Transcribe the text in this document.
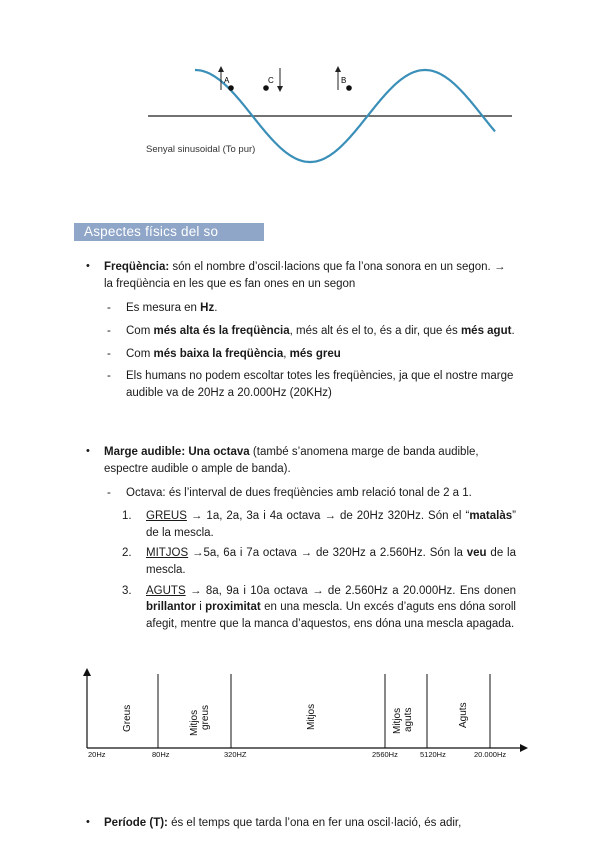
A	C	B
Senyal sinusoidal (To pur)
Aspectes físics del so
• Freqüència: són el nombre d’oscil·lacions que fa l’ona sonora en un segon. → la freqüència en les que es fan ones en un segon
- Es mesura en Hz.
- Com més alta és la freqüència, més alt és el to, és a dir, que és més agut.
- Com més baixa la freqüència, més greu
- Els humans no podem escoltar totes les freqüències, ja que el nostre marge audible va de 20Hz a 20.000Hz (20KHz)
• Marge audible: Una octava (també s’anomena marge de banda audible, espectre audible o ample de banda).
- Octava: és l’interval de dues freqüències amb relació tonal de 2 a 1.
1. GREUS → 1a, 2a, 3a i 4a octava → de 20Hz 320Hz. Són el “matalàs” de la mescla.
2. MITJOS →5a, 6a i 7a octava → de 320Hz a 2.560Hz. Són la veu de la mescla.
3. AGUTS → 8a, 9a i 10a octava → de 2.560Hz a 20.000Hz. Ens donen brillantor i proximitat en una mescla. Un excés d’aguts ens dóna soroll afegit, mentre que la manca d’aquestos, ens dóna una mescla apagada.
Greus	Mitjosgreus	Mitjos	Mitjosaguts	Aguts
20Hz	80Hz	320HZ	2560Hz	5120Hz	20.000Hz
• Període (T): és el temps que tarda l’ona en fer una oscil·lació, és adir,
